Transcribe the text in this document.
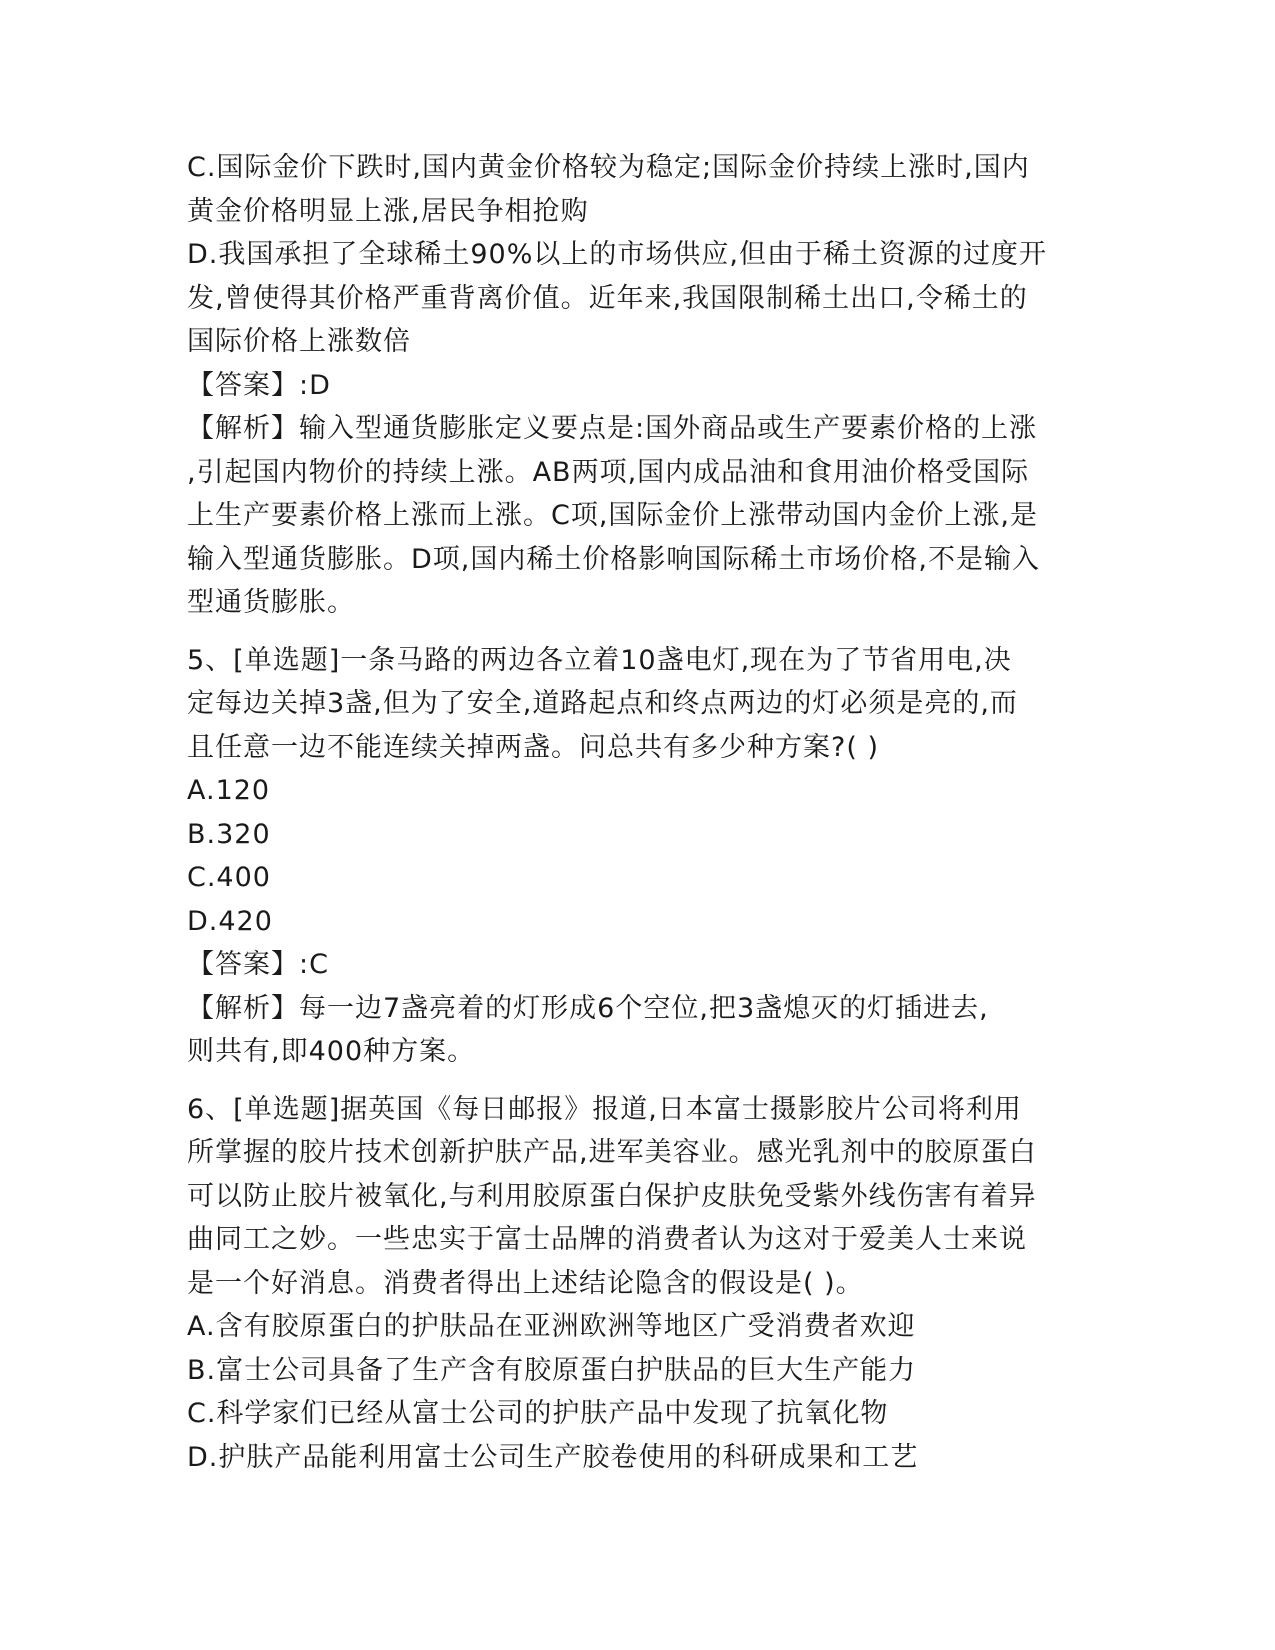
C.国际金价下跌时,国内黄金价格较为稳定;国际金价持续上涨时,国内
黄金价格明显上涨,居民争相抢购
D.我国承担了全球稀土90%以上的市场供应,但由于稀土资源的过度开
发,曾使得其价格严重背离价值。近年来,我国限制稀土出口,令稀土的
国际价格上涨数倍
【答案】:D
【解析】输入型通货膨胀定义要点是:国外商品或生产要素价格的上涨
,引起国内物价的持续上涨。AB两项,国内成品油和食用油价格受国际
上生产要素价格上涨而上涨。C项,国际金价上涨带动国内金价上涨,是
输入型通货膨胀。D项,国内稀土价格影响国际稀土市场价格,不是输入
型通货膨胀。
5、[单选题]一条马路的两边各立着10盏电灯,现在为了节省用电,决
定每边关掉3盏,但为了安全,道路起点和终点两边的灯必须是亮的,而
且任意一边不能连续关掉两盏。问总共有多少种方案?( )
A.120
B.320
C.400
D.420
【答案】:C
【解析】每一边7盏亮着的灯形成6个空位,把3盏熄灭的灯插进去,
则共有,即400种方案。
6、[单选题]据英国《每日邮报》报道,日本富士摄影胶片公司将利用
所掌握的胶片技术创新护肤产品,进军美容业。感光乳剂中的胶原蛋白
可以防止胶片被氧化,与利用胶原蛋白保护皮肤免受紫外线伤害有着异
曲同工之妙。一些忠实于富士品牌的消费者认为这对于爱美人士来说
是一个好消息。消费者得出上述结论隐含的假设是( )。
A.含有胶原蛋白的护肤品在亚洲欧洲等地区广受消费者欢迎
B.富士公司具备了生产含有胶原蛋白护肤品的巨大生产能力
C.科学家们已经从富士公司的护肤产品中发现了抗氧化物
D.护肤产品能利用富士公司生产胶卷使用的科研成果和工艺
